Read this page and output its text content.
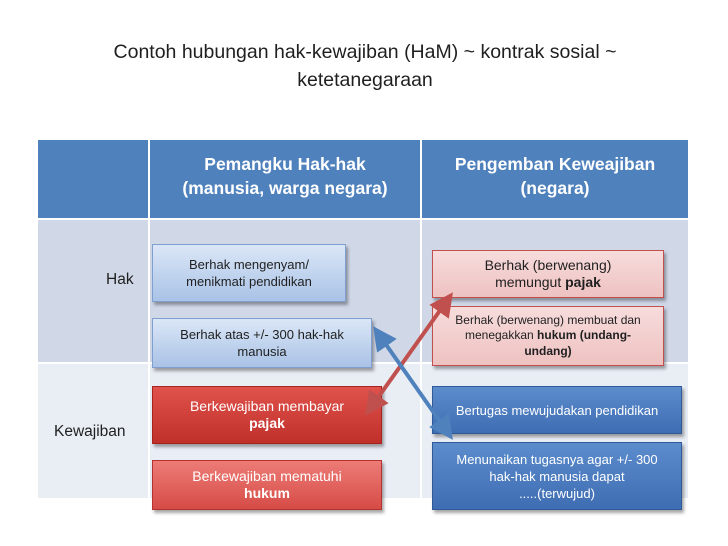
Contoh hubungan hak-kewajiban (HaM) ~ kontrak sosial ~
ketetanegaraan
Pemangku Hak-hak
(manusia, warga negara)
Pengemban Keweajiban
(negara)
Hak
Kewajiban
Berhak mengenyam/
menikmati pendidikan
Berhak atas +/- 300 hak-hak
manusia
Berkewajiban membayar
pajak
Berkewajiban mematuhi
hukum
Berhak (berwenang)
memungut pajak
Berhak (berwenang) membuat dan
menegakkan hukum (undang-
undang)
Bertugas mewujudakan pendidikan
Menunaikan tugasnya agar +/- 300
hak-hak manusia dapat
.....(terwujud)
